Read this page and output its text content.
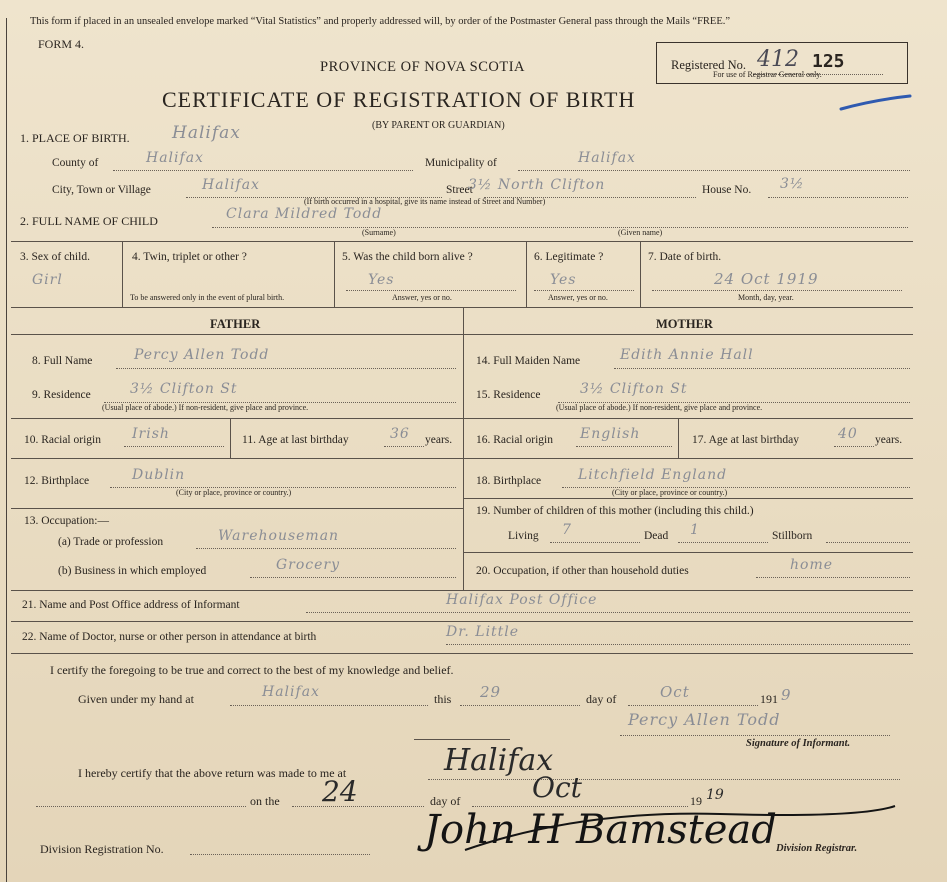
This form if placed in an unsealed envelope marked “Vital Statistics” and properly addressed will, by order of the Postmaster General pass through the Mails “FREE.”
FORM 4.
PROVINCE OF NOVA SCOTIA
CERTIFICATE OF REGISTRATION OF BIRTH
(BY PARENT OR GUARDIAN)
Registered No. 412 125
For use of Registrar General only.
1. PLACE OF BIRTH. Halifax
County of	Halifax	Municipality of	Halifax
City, Town or Village	Halifax	Street
3½ North Clifton	House No. 3½
(If birth occurred in a hospital, give its name instead of Street and Number)
2. FULL NAME OF CHILD	Clara Mildred Todd
(Surname)	(Given name)
3. Sex of child.
Girl
4. Twin, triplet or other ?
To be answered only in the event of plural birth.
5. Was the child born alive ?
Yes
Answer, yes or no.
6. Legitimate ?
Yes
Answer, yes or no.
7. Date of birth.
24 Oct 1919
Month, day, year.
FATHER	MOTHER
8. Full Name	Percy Allen Todd
9. Residence	3½ Clifton St
(Usual place of abode.) If non-resident, give place and province.
10. Racial origin Irish	11. Age at last birthday	36 years.
12. Birthplace	Dublin
(City or place, province or country.)
13. Occupation:—
(a) Trade or profession	Warehouseman
(b) Business in which employed	Grocery
14. Full Maiden Name	Edith Annie Hall
15. Residence	3½ Clifton St
(Usual place of abode.) If non-resident, give place and province.
16. Racial origin English	17. Age at last birthday	40 years.
18. Birthplace	Litchfield England
(City or place, province or country.)
19. Number of children of this mother (including this child.)
Living 7	Dead 1	Stillborn
20. Occupation, if other than household duties	home
21. Name and Post Office address of Informant	Halifax Post Office
22. Name of Doctor, nurse or other person in attendance at birth	Dr. Little
I certify the foregoing to be true and correct to the best of my knowledge and belief.
Given under my hand at	Halifax	this 29	day of	Oct	191 9
Percy Allen Todd
Signature of Informant.
I hereby certify that the above return was made to me at	Halifax
on the 24	day of	Oct	19 19
Division Registration No.	John H Bamstead Division Registrar.
